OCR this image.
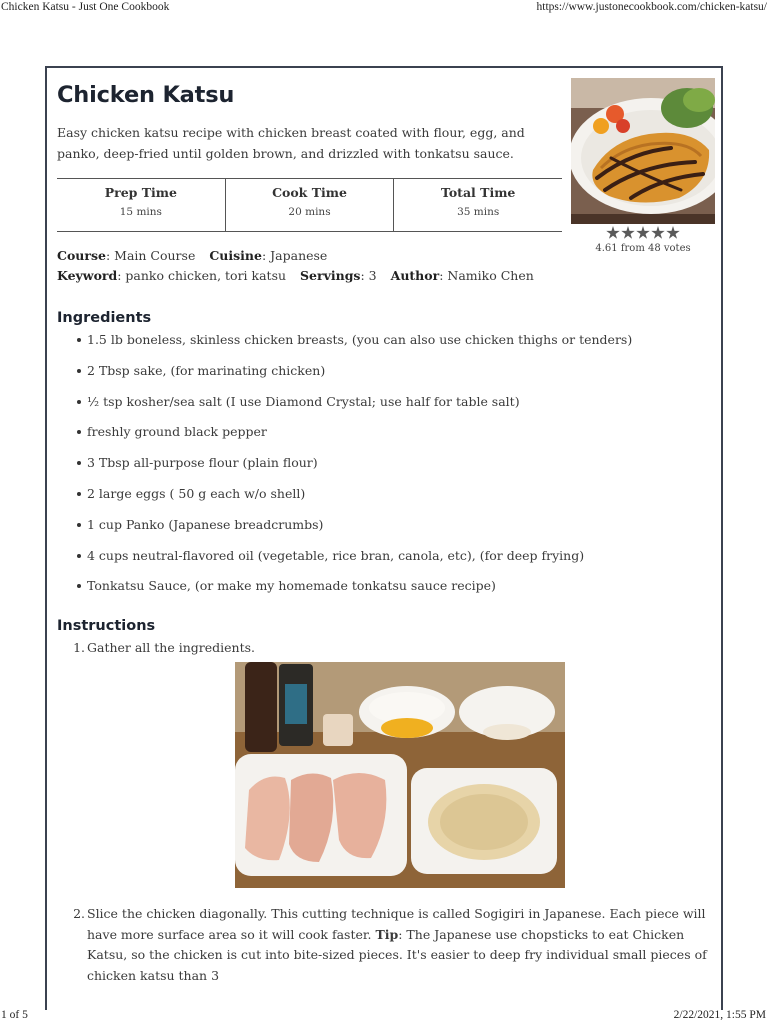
Chicken Katsu - Just One Cookbook	https://www.justonecookbook.com/chicken-katsu/
Chicken Katsu
Easy chicken katsu recipe with chicken breast coated with flour, egg, and panko, deep-fried until golden brown, and drizzled with tonkatsu sauce.
Prep Time
15 mins
Cook Time
20 mins
Total Time
35 mins
4.61 from 48 votes
Course: Main Course Cuisine: Japanese
Keyword: panko chicken, tori katsu Servings: 3 Author: Namiko Chen
Ingredients
1.5 lb boneless, skinless chicken breasts, (you can also use chicken thighs or tenders)
2 Tbsp sake, (for marinating chicken)
½ tsp kosher/sea salt (I use Diamond Crystal; use half for table salt)
freshly ground black pepper
3 Tbsp all-purpose flour (plain flour)
2 large eggs ( 50 g each w/o shell)
1 cup Panko (Japanese breadcrumbs)
4 cups neutral-flavored oil (vegetable, rice bran, canola, etc), (for deep frying)
Tonkatsu Sauce, (or make my homemade tonkatsu sauce recipe)
Instructions
1. Gather all the ingredients.
2. Slice the chicken diagonally. This cutting technique is called Sogigiri in Japanese. Each piece will have more surface area so it will cook faster. Tip: The Japanese use chopsticks to eat Chicken Katsu, so the chicken is cut into bite-sized pieces. It's easier to deep fry individual small pieces of chicken katsu than 3
1 of 5	2/22/2021, 1:55 PM
